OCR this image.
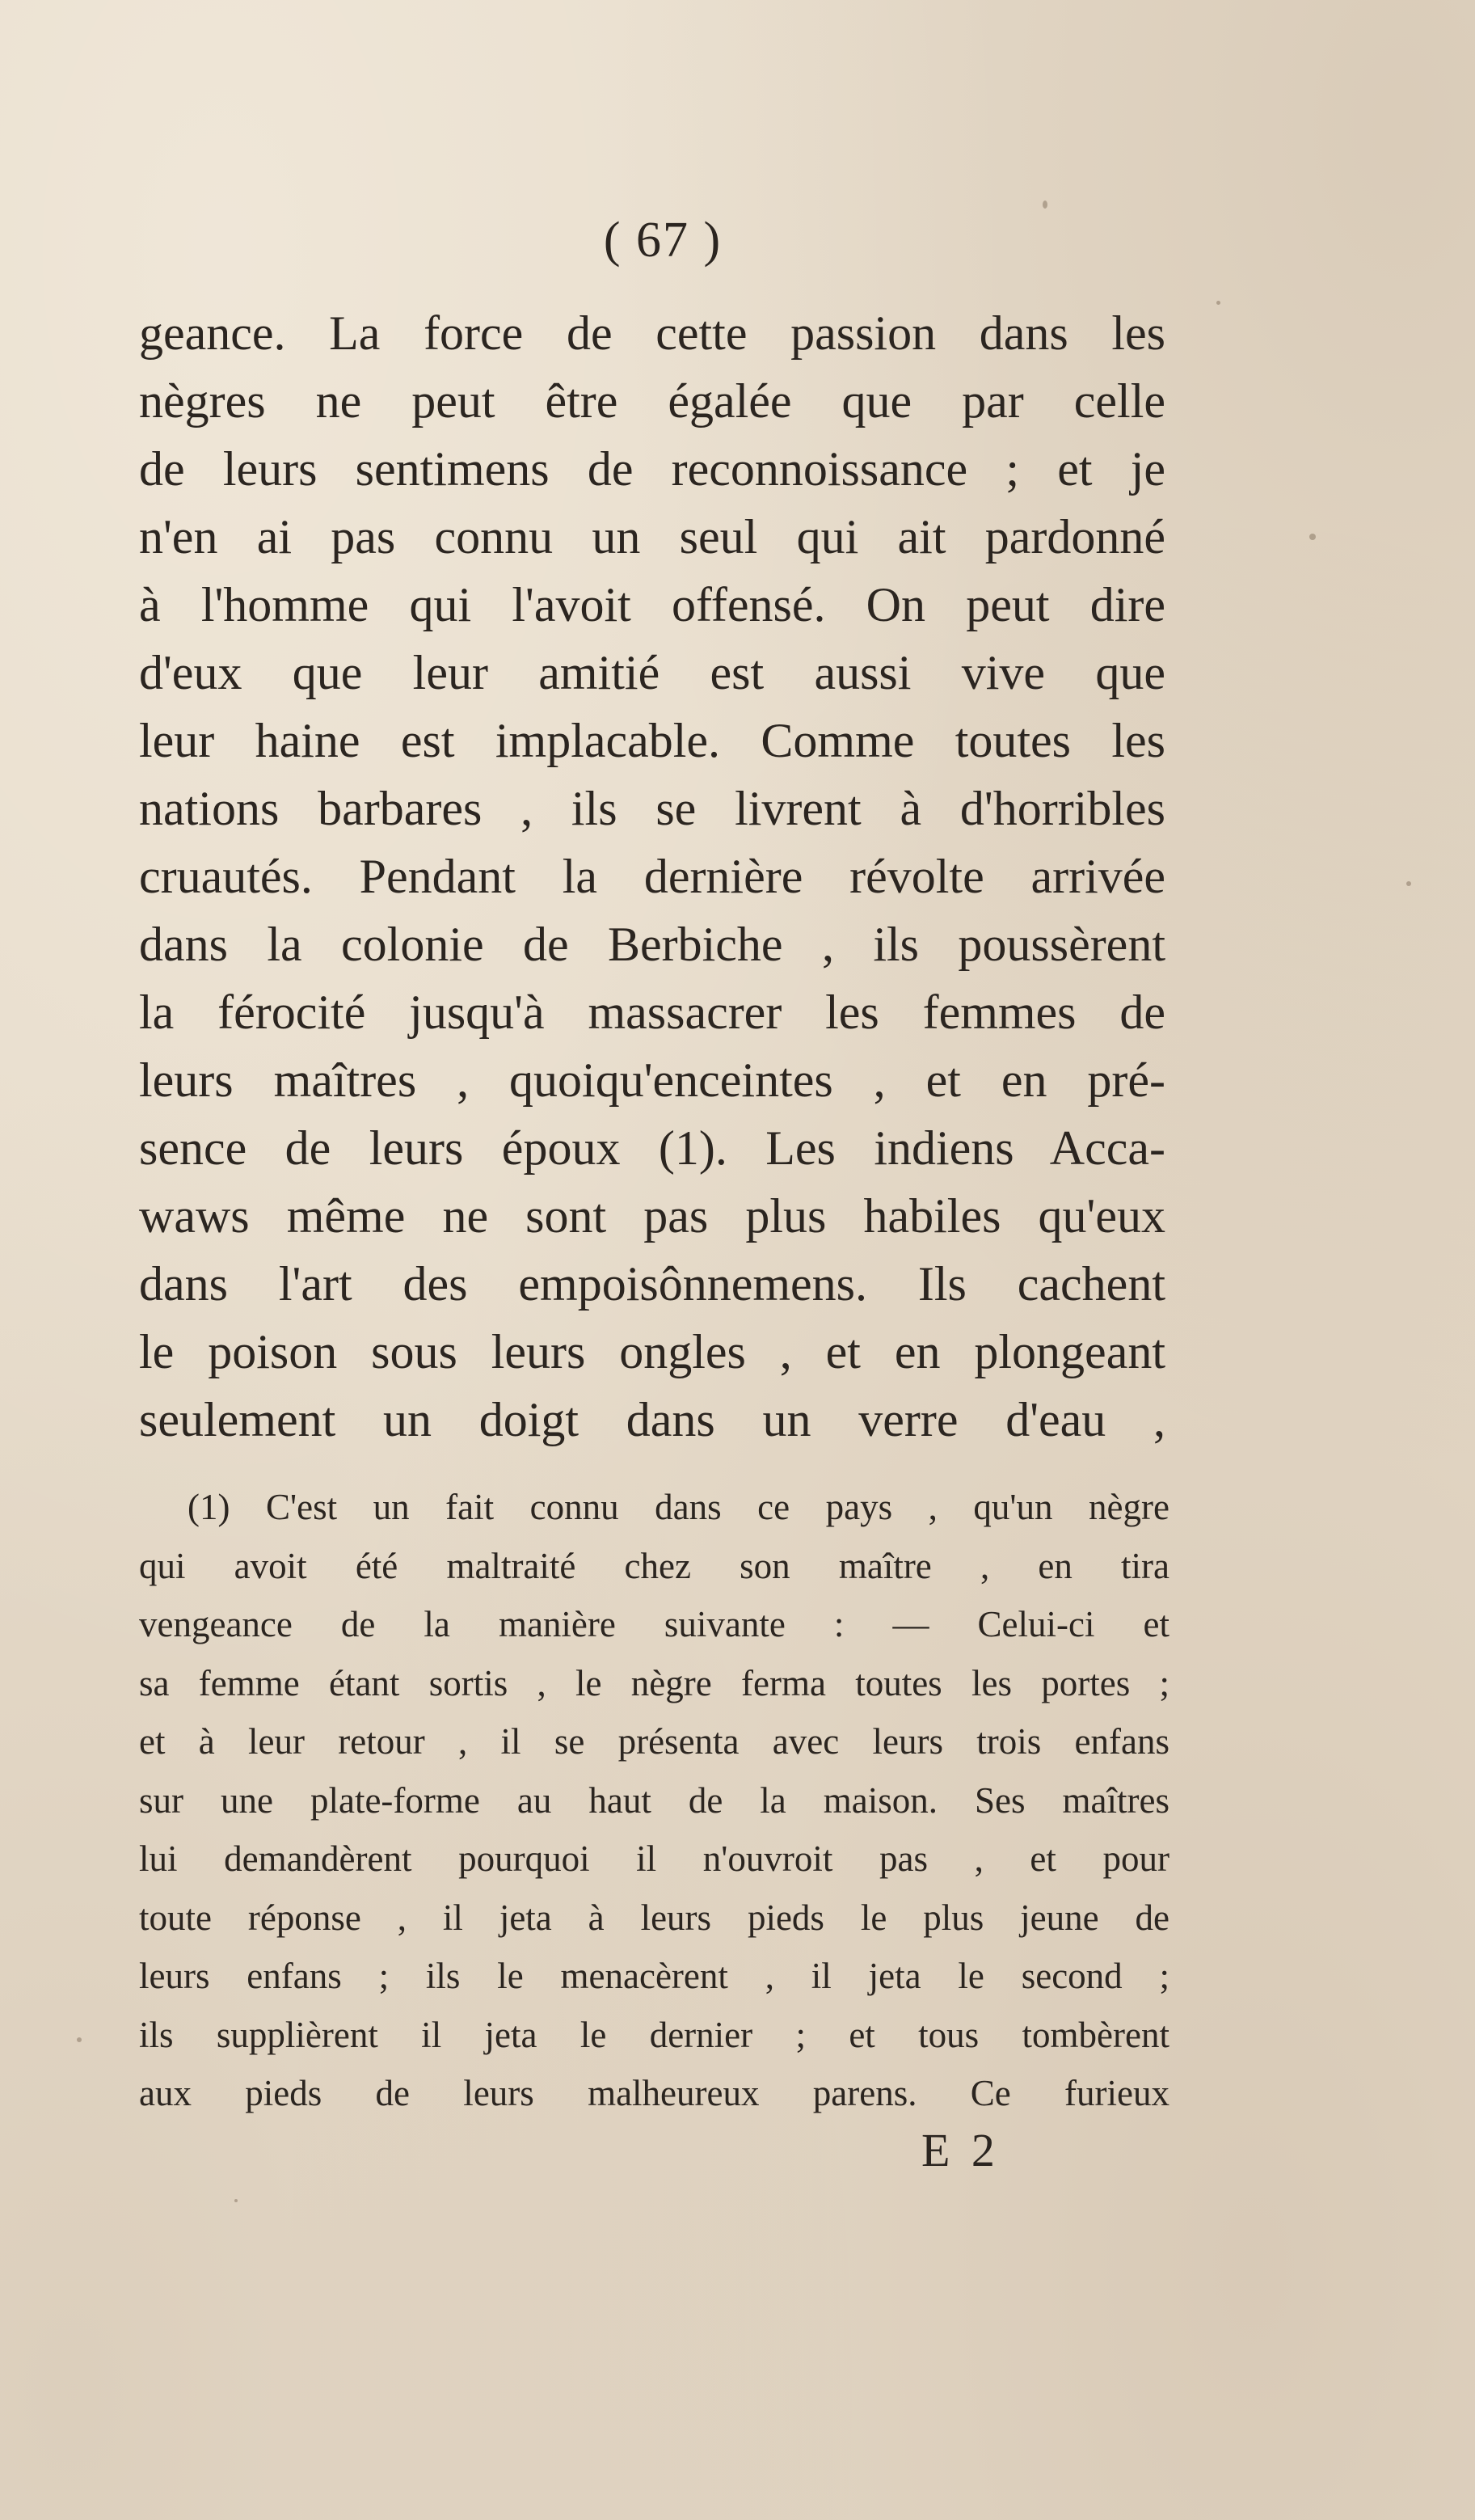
( 67 )
geance. La force de cette passion dans les
nègres ne peut être égalée que par celle
de leurs sentimens de reconnoissance ; et je
n'en ai pas connu un seul qui ait pardonné
à l'homme qui l'avoit offensé. On peut dire
d'eux que leur amitié est aussi vive que
leur haine est implacable. Comme toutes les
nations barbares , ils se livrent à d'horribles
cruautés. Pendant la dernière révolte arrivée
dans la colonie de Berbiche , ils poussèrent
la férocité jusqu'à massacrer les femmes de
leurs maîtres , quoiqu'enceintes , et en pré-
sence de leurs époux (1). Les indiens Acca-
waws même ne sont pas plus habiles qu'eux
dans l'art des empoisônnemens. Ils cachent
le poison sous leurs ongles , et en plongeant
seulement un doigt dans un verre d'eau ,
(1) C'est un fait connu dans ce pays , qu'un nègre
qui avoit été maltraité chez son maître , en tira
vengeance de la manière suivante : — Celui-ci et
sa femme étant sortis , le nègre ferma toutes les portes ;
et à leur retour , il se présenta avec leurs trois enfans
sur une plate-forme au haut de la maison. Ses maîtres
lui demandèrent pourquoi il n'ouvroit pas , et pour
toute réponse , il jeta à leurs pieds le plus jeune de
leurs enfans ; ils le menacèrent , il jeta le second ;
ils supplièrent il jeta le dernier ; et tous tombèrent
aux pieds de leurs malheureux parens. Ce furieux
E 2
